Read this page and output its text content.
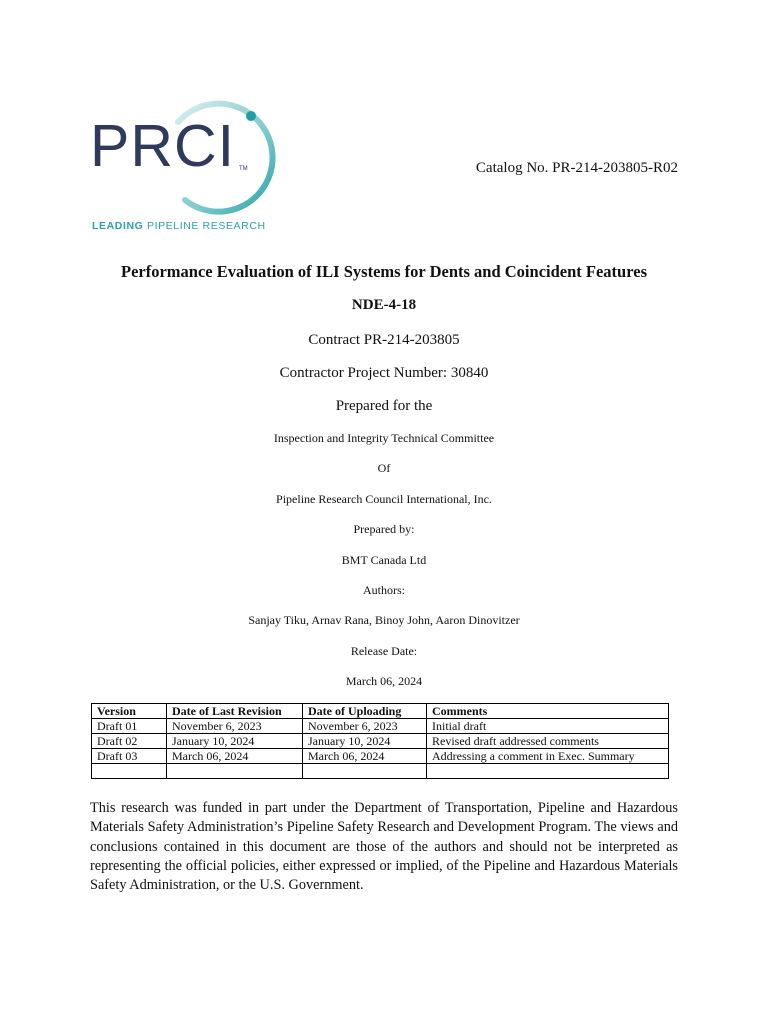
PRCI TM
LEADING PIPELINE RESEARCH
Catalog No. PR-214-203805-R02
Performance Evaluation of ILI Systems for Dents and Coincident Features
NDE-4-18
Contract PR-214-203805
Contractor Project Number: 30840
Prepared for the
Inspection and Integrity Technical Committee
Of
Pipeline Research Council International, Inc.
Prepared by:
BMT Canada Ltd
Authors:
Sanjay Tiku, Arnav Rana, Binoy John, Aaron Dinovitzer
Release Date:
March 06, 2024
Version	Date of Last Revision	Date of Uploading	Comments
Draft 01	November 6, 2023	November 6, 2023	Initial draft
Draft 02	January 10, 2024	January 10, 2024	Revised draft addressed comments
Draft 03	March 06, 2024	March 06, 2024	Addressing a comment in Exec. Summary

This research was funded in part under the Department of Transportation, Pipeline and Hazardous Materials Safety Administration’s Pipeline Safety Research and Development Program. The views and conclusions contained in this document are those of the authors and should not be interpreted as representing the official policies, either expressed or implied, of the Pipeline and Hazardous Materials Safety Administration, or the U.S. Government.
